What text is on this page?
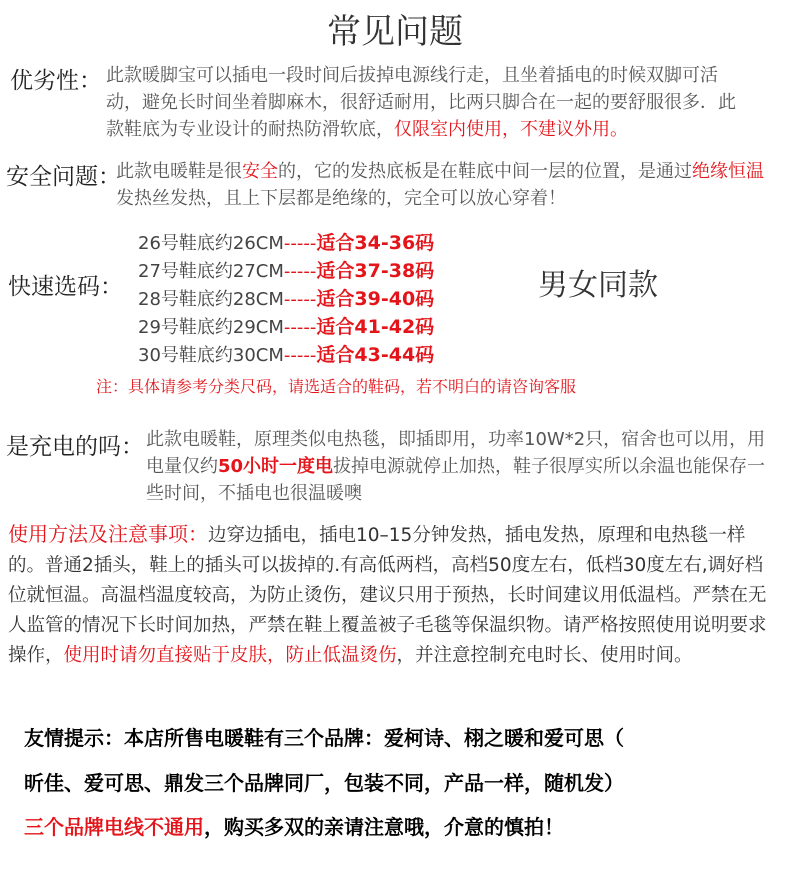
常见问题
优劣性： 此款暖脚宝可以插电一段时间后拔掉电源线行走，且坐着插电的时候双脚可活动，避免长时间坐着脚麻木，很舒适耐用，比两只脚合在一起的要舒服很多．此款鞋底为专业设计的耐热防滑软底，仅限室内使用，不建议外用。
安全问题：
此款电暖鞋是很安全的，它的发热底板是在鞋底中间一层的位置，是通过绝缘恒温发热丝发热，且上下层都是绝缘的，完全可以放心穿着！
快速选码：
26号鞋底约26CM-----适合34-36码
27号鞋底约27CM-----适合37-38码
28号鞋底约28CM-----适合39-40码
29号鞋底约29CM-----适合41-42码
30号鞋底约30CM-----适合43-44码
男女同款
注：具体请参考分类尺码，请选适合的鞋码，若不明白的请咨询客服
是充电的吗： 此款电暖鞋，原理类似电热毯，即插即用，功率10W*2只，宿舍也可以用，用电量仅约50小时一度电拔掉电源就停止加热，鞋子很厚实所以余温也能保存一些时间，不插电也很温暖噢
使用方法及注意事项：边穿边插电，插电10–15分钟发热，插电发热，原理和电热毯一样的。普通2插头，鞋上的插头可以拔掉的.有高低两档，高档50度左右，低档30度左右,调好档位就恒温。高温档温度较高，为防止烫伤，建议只用于预热，长时间建议用低温档。严禁在无人监管的情况下长时间加热，严禁在鞋上覆盖被子毛毯等保温织物。请严格按照使用说明要求操作，使用时请勿直接贴于皮肤，防止低温烫伤，并注意控制充电时长、使用时间。
友情提示：本店所售电暖鞋有三个品牌：爱柯诗、栩之暖和爱可思（
昕佳、爱可思、鼎发三个品牌同厂，包装不同，产品一样，随机发）
三个品牌电线不通用，购买多双的亲请注意哦，介意的慎拍！
